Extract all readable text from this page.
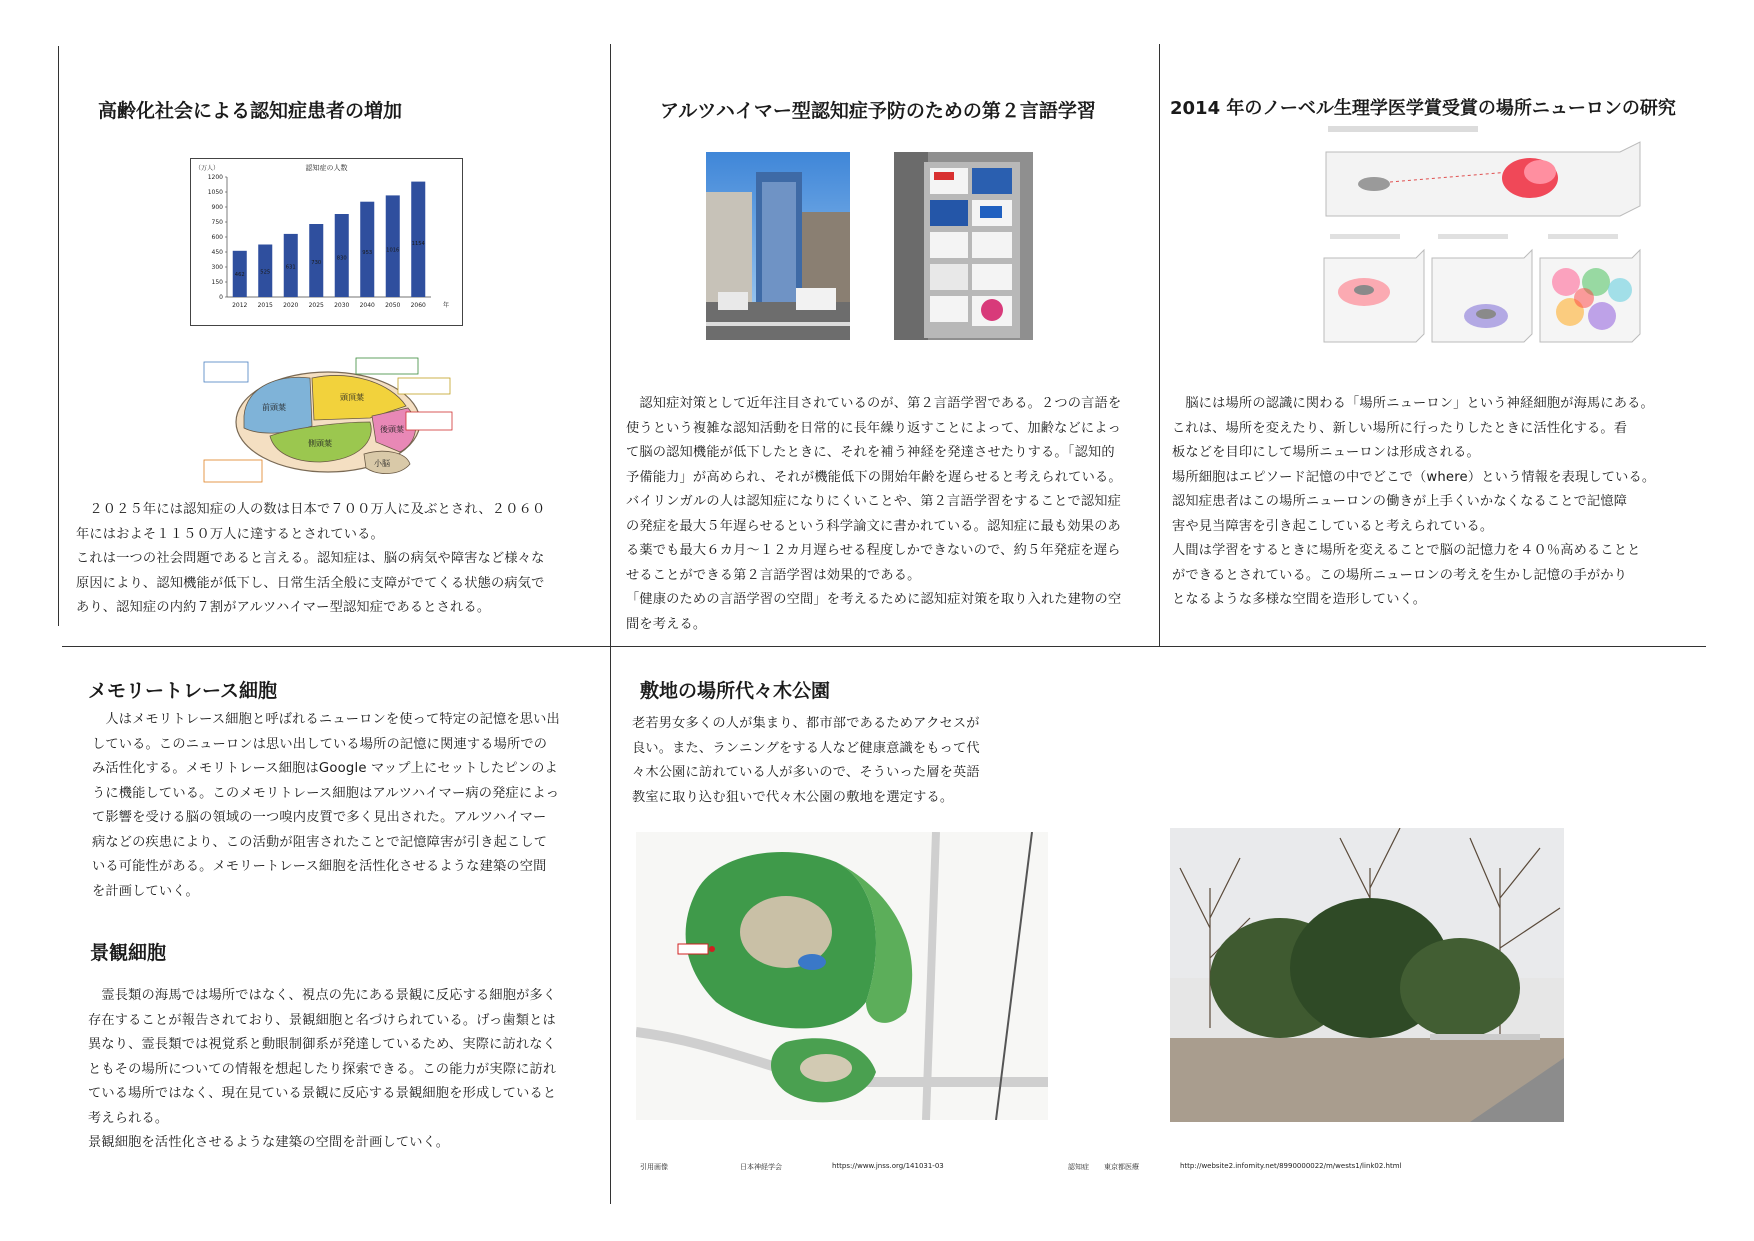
高齢化社会による認知症患者の増加
認知症の人数
（万人）
0
150
300
450
600
750
900
1050
1200
462
2012
525
2015
631
2020
730
2025
830
2030
953
2040
1016
2050
1154
2060	年
前頭葉
頭頂葉
側頭葉
後頭葉
小脳
　２０２５年には認知症の人の数は日本で７００万人に及ぶとされ、２０６０
年にはおよそ１１５０万人に達するとされている。
これは一つの社会問題であると言える。認知症は、脳の病気や障害など様々な
原因により、認知機能が低下し、日常生活全般に支障がでてくる状態の病気で
あり、認知症の内約７割がアルツハイマー型認知症であるとされる。
アルツハイマー型認知症予防のための第２言語学習
　認知症対策として近年注目されているのが、第２言語学習である。２つの言語を
使うという複雑な認知活動を日常的に長年繰り返すことによって、加齢などによっ
て脳の認知機能が低下したときに、それを補う神経を発達させたりする。「認知的
予備能力」が高められ、それが機能低下の開始年齢を遅らせると考えられている。
バイリンガルの人は認知症になりにくいことや、第２言語学習をすることで認知症
の発症を最大５年遅らせるという科学論文に書かれている。認知症に最も効果のあ
る薬でも最大６カ月〜１２カ月遅らせる程度しかできないので、約５年発症を遅ら
せることができる第２言語学習は効果的である。
「健康のための言語学習の空間」を考えるために認知症対策を取り入れた建物の空
間を考える。
2014 年のノーベル生理学医学賞受賞の場所ニューロンの研究
　脳には場所の認識に関わる「場所ニューロン」という神経細胞が海馬にある。
これは、場所を変えたり、新しい場所に行ったりしたときに活性化する。看
板などを目印にして場所ニューロンは形成される。
場所細胞はエピソード記憶の中でどこで（where）という情報を表現している。
認知症患者はこの場所ニューロンの働きが上手くいかなくなることで記憶障
害や見当障害を引き起こしていると考えられている。
人間は学習をするときに場所を変えることで脳の記憶力を４０％高めることと
ができるとされている。この場所ニューロンの考えを生かし記憶の手がかり
となるような多様な空間を造形していく。
メモリートレース細胞
　人はメモリトレース細胞と呼ばれるニューロンを使って特定の記憶を思い出
している。このニューロンは思い出している場所の記憶に関連する場所での
み活性化する。メモリトレース細胞はGoogle マップ上にセットしたピンのよ
うに機能している。このメモリトレース細胞はアルツハイマー病の発症によっ
て影響を受ける脳の領域の一つ嗅内皮質で多く見出された。アルツハイマー
病などの疾患により、この活動が阻害されたことで記憶障害が引き起こして
いる可能性がある。メモリートレース細胞を活性化させるような建築の空間
を計画していく。
景観細胞
　霊長類の海馬では場所ではなく、視点の先にある景観に反応する細胞が多く
存在することが報告されており、景観細胞と名づけられている。げっ歯類とは
異なり、霊長類では視覚系と動眼制御系が発達しているため、実際に訪れなく
ともその場所についての情報を想起したり探索できる。この能力が実際に訪れ
ている場所ではなく、現在見ている景観に反応する景観細胞を形成していると
考えられる。
景観細胞を活性化させるような建築の空間を計画していく。
敷地の場所代々木公園
老若男女多くの人が集まり、都市部であるためアクセスが
良い。また、ランニングをする人など健康意識をもって代
々木公園に訪れている人が多いので、そういった層を英語
教室に取り込む狙いで代々木公園の敷地を選定する。
引用画像	日本神経学会	https://www.jnss.org/141031-03	認知症 東京都医療	http://website2.infomity.net/8990000022/m/wests1/link02.html
